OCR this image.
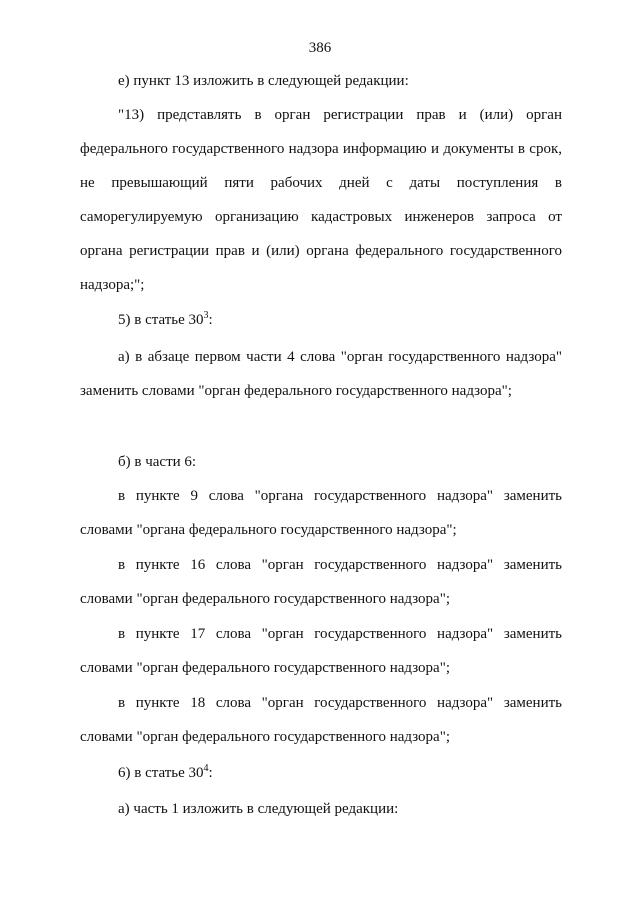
386

е) пункт 13 изложить в следующей редакции:

"13) представлять в орган регистрации прав и (или) орган федерального государственного надзора информацию и документы в срок, не превышающий пяти рабочих дней с даты поступления в саморегулируемую организацию кадастровых инженеров запроса от органа регистрации прав и (или) органа федерального государственного надзора;";

5) в статье $30^3$:

а) в абзаце первом части 4 слова "орган государственного надзора" заменить словами "орган федерального государственного надзора";

б) в части 6:

в пункте 9 слова "органа государственного надзора" заменить словами "органа федерального государственного надзора";

в пункте 16 слова "орган государственного надзора" заменить словами "орган федерального государственного надзора";

в пункте 17 слова "орган государственного надзора" заменить словами "орган федерального государственного надзора";

в пункте 18 слова "орган государственного надзора" заменить словами "орган федерального государственного надзора";

6) в статье $30^4$:

а) часть 1 изложить в следующей редакции:
